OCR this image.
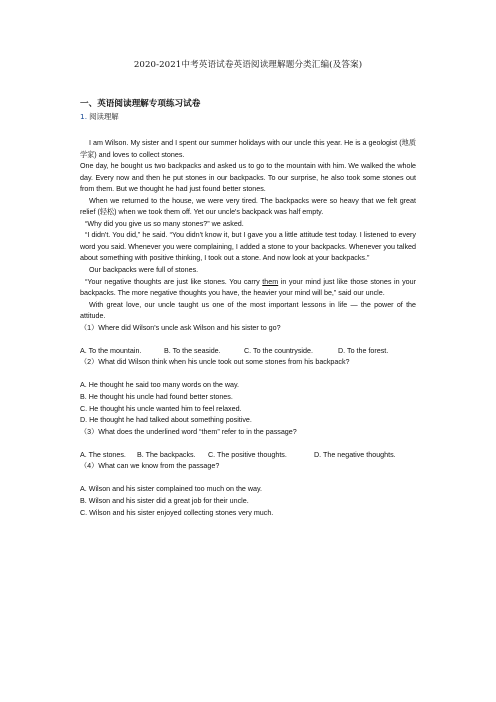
2020-2021中考英语试卷英语阅读理解题分类汇编(及答案)
一、英语阅读理解专项练习试卷
1. 阅读理解

I am Wilson. My sister and I spent our summer holidays with our uncle this year. He is a geologist (地质学家) and loves to collect stones.

One day, he bought us two backpacks and asked us to go to the mountain with him. We walked the whole day. Every now and then he put stones in our backpacks. To our surprise, he also took some stones out from them. But we thought he had just found better stones.

When we returned to the house, we were very tired. The backpacks were so heavy that we felt great relief (轻松) when we took them off. Yet our uncle's backpack was half empty.

“Why did you give us so many stones?” we asked.

“I didn't. You did,” he said. “You didn't know it, but I gave you a little attitude test today. I listened to every word you said. Whenever you were complaining, I added a stone to your backpacks. Whenever you talked about something with positive thinking, I took out a stone. And now look at your backpacks.”

Our backpacks were full of stones.

“Your negative thoughts are just like stones. You carry them in your mind just like those stones in your backpacks. The more negative thoughts you have, the heavier your mind will be,” said our uncle.

With great love, our uncle taught us one of the most important lessons in life — the power of the attitude.

（1）Where did Wilson's uncle ask Wilson and his sister to go?

A. To the mountain.	B. To the seaside.	C. To the countryside.	D. To the forest.

（2）What did Wilson think when his uncle took out some stones from his backpack?

A. He thought he said too many words on the way.

B. He thought his uncle had found better stones.

C. He thought his uncle wanted him to feel relaxed.

D. He thought he had talked about something positive.

（3）What does the underlined word “them” refer to in the passage?

A. The stones.	B. The backpacks.	C. The positive thoughts.	D. The negative thoughts.

（4）What can we know from the passage?

A. Wilson and his sister complained too much on the way.

B. Wilson and his sister did a great job for their uncle.

C. Wilson and his sister enjoyed collecting stones very much.
